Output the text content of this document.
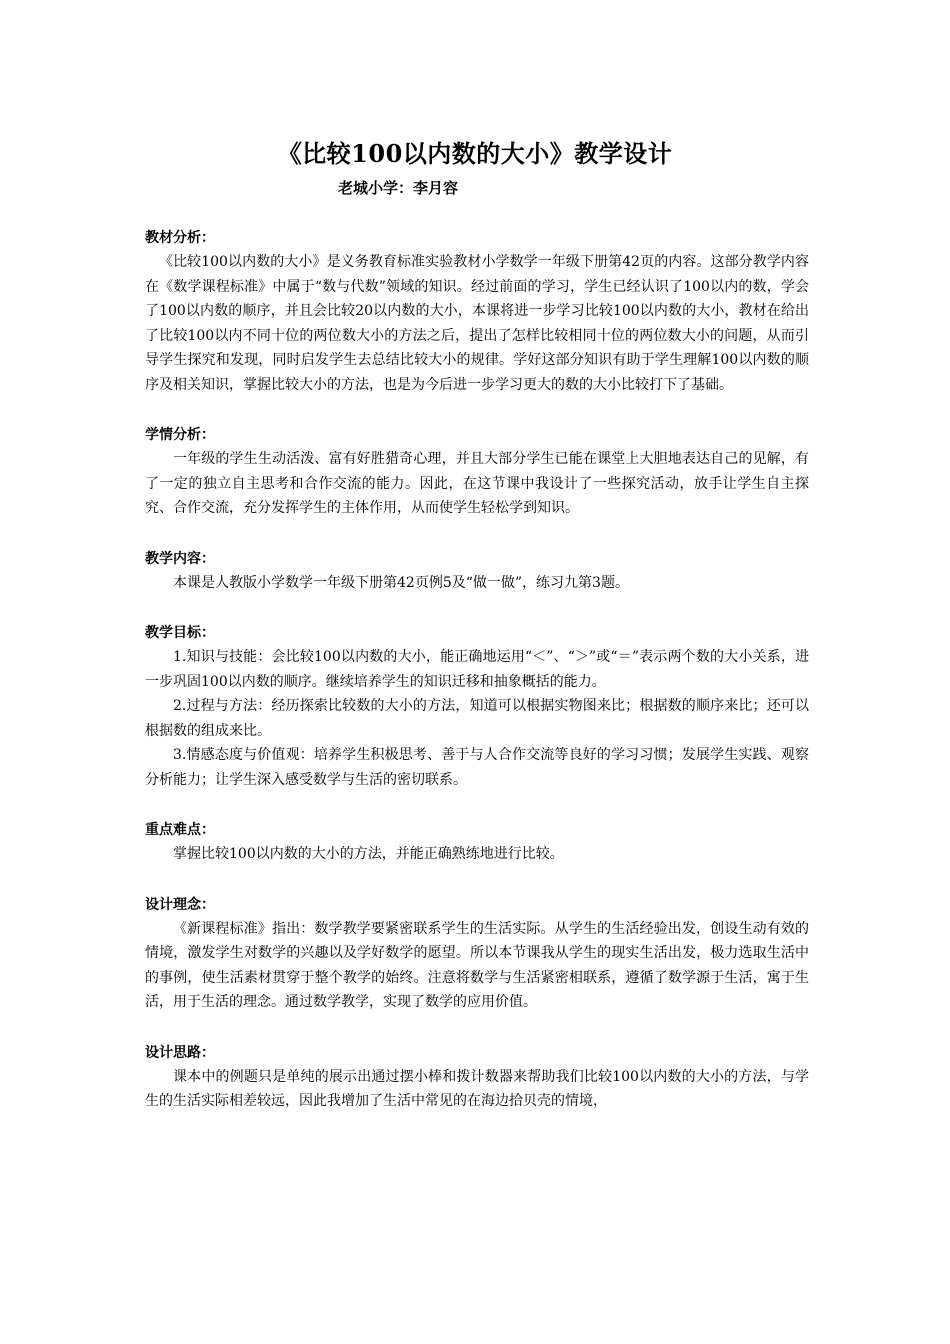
《比较100以内数的大小》教学设计

老城小学：李月容

教材分析：

《比较100以内数的大小》是义务教育标准实验教材小学数学一年级下册第42页的内容。这部分教学内容在《数学课程标准》中属于“数与代数”领域的知识。经过前面的学习，学生已经认识了100以内的数，学会了100以内数的顺序，并且会比较20以内数的大小，本课将进一步学习比较100以内数的大小，教材在给出了比较100以内不同十位的两位数大小的方法之后，提出了怎样比较相同十位的两位数大小的问题，从而引导学生探究和发现，同时启发学生去总结比较大小的规律。学好这部分知识有助于学生理解100以内数的顺序及相关知识，掌握比较大小的方法，也是为今后进一步学习更大的数的大小比较打下了基础。

学情分析：

一年级的学生生动活泼、富有好胜猎奇心理，并且大部分学生已能在课堂上大胆地表达自己的见解，有了一定的独立自主思考和合作交流的能力。因此，在这节课中我设计了一些探究活动，放手让学生自主探究、合作交流，充分发挥学生的主体作用，从而使学生轻松学到知识。

教学内容：

本课是人教版小学数学一年级下册第42页例5及“做一做”，练习九第3题。

教学目标：

1.知识与技能：会比较100以内数的大小，能正确地运用“＜”、“＞”或“＝”表示两个数的大小关系，进一步巩固100以内数的顺序。继续培养学生的知识迁移和抽象概括的能力。

2.过程与方法：经历探索比较数的大小的方法，知道可以根据实物图来比；根据数的顺序来比；还可以根据数的组成来比。

3.情感态度与价值观：培养学生积极思考、善于与人合作交流等良好的学习习惯；发展学生实践、观察分析能力；让学生深入感受数学与生活的密切联系。

重点难点：

掌握比较100以内数的大小的方法，并能正确熟练地进行比较。

设计理念：

《新课程标准》指出：数学教学要紧密联系学生的生活实际。从学生的生活经验出发，创设生动有效的情境，激发学生对数学的兴趣以及学好数学的愿望。所以本节课我从学生的现实生活出发，极力选取生活中的事例，使生活素材贯穿于整个教学的始终。注意将数学与生活紧密相联系，遵循了数学源于生活，寓于生活，用于生活的理念。通过数学教学，实现了数学的应用价值。

设计思路：

课本中的例题只是单纯的展示出通过摆小棒和拨计数器来帮助我们比较100以内数的大小的方法，与学生的生活实际相差较远，因此我增加了生活中常见的在海边拾贝壳的情境，
